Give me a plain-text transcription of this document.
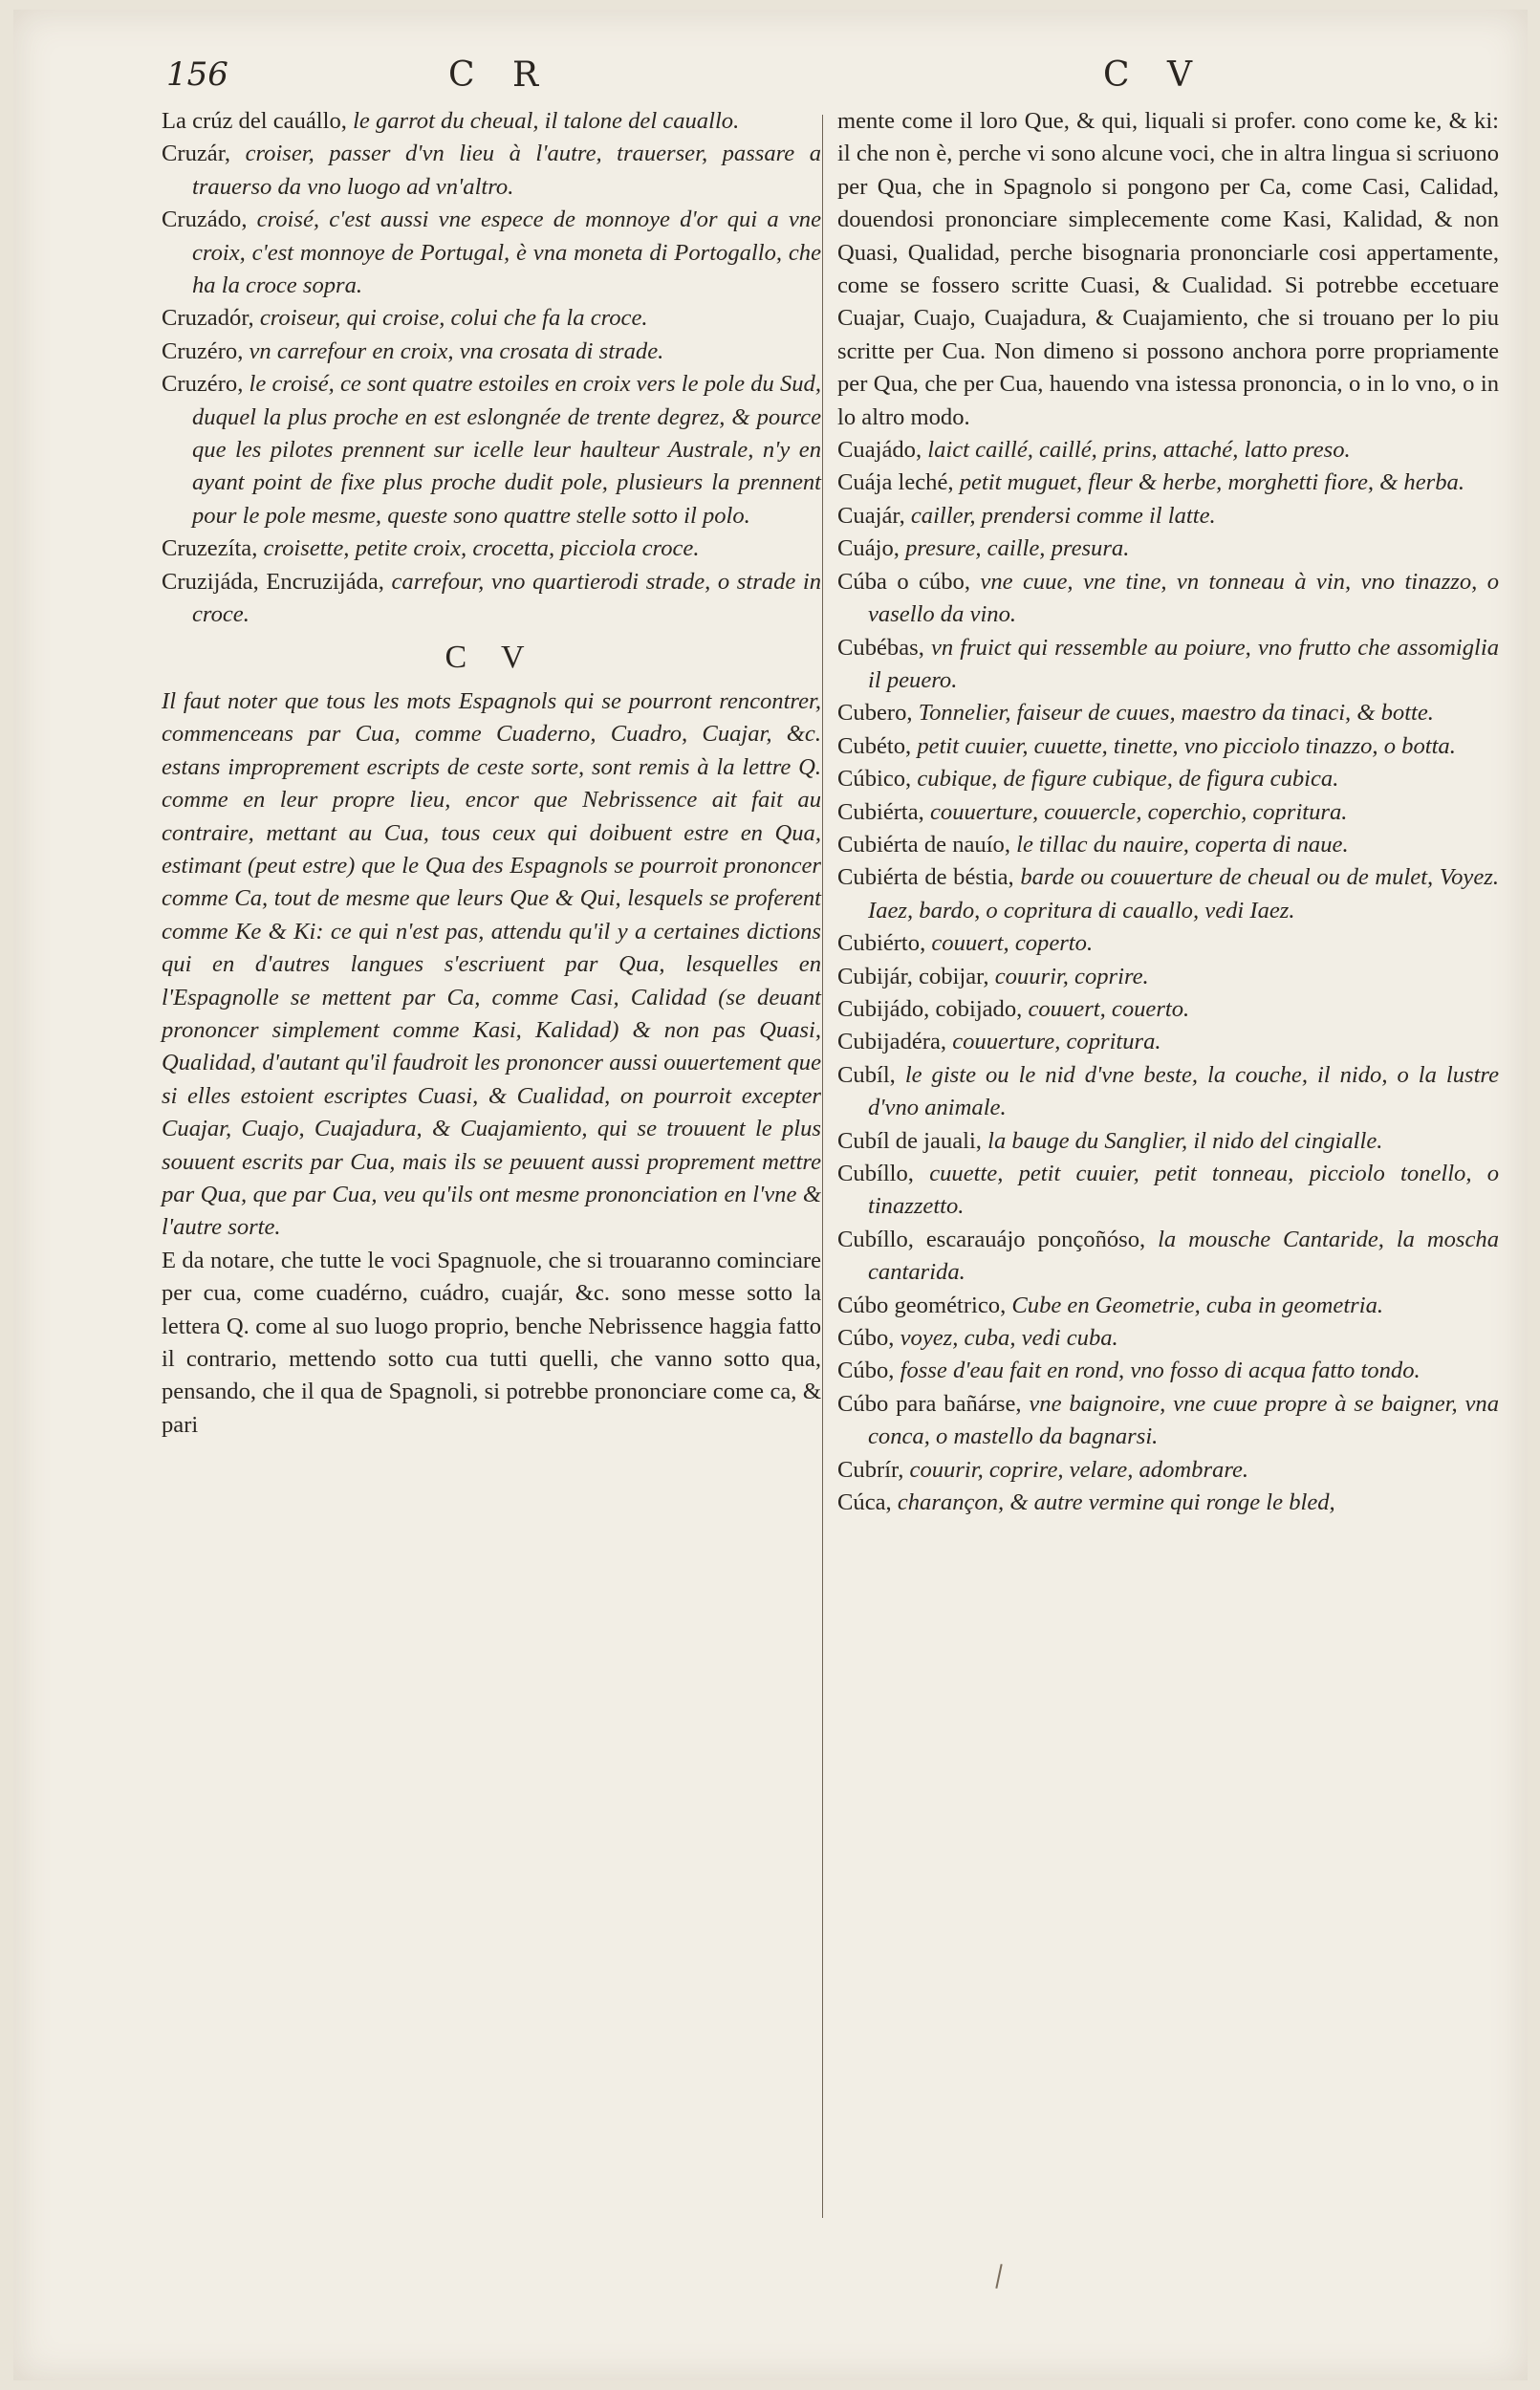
156	C R	C V

La crúz del cauállo, le garrot du cheual, il talone del cauallo.

Cruzár, croiser, passer d'vn lieu à l'autre, trauerser, passare a trauerso da vno luogo ad vn'altro.

Cruzádo, croisé, c'est aussi vne espece de monnoye d'or qui a vne croix, c'est monnoye de Portugal, è vna moneta di Portogallo, che ha la croce sopra.

Cruzadór, croiseur, qui croise, colui che fa la croce.

Cruzéro, vn carrefour en croix, vna crosata di strade.

Cruzéro, le croisé, ce sont quatre estoiles en croix vers le pole du Sud, duquel la plus proche en est eslongnée de trente degrez, & pource que les pilotes prennent sur icelle leur haulteur Australe, n'y en ayant point de fixe plus proche dudit pole, plusieurs la prennent pour le pole mesme, queste sono quattre stelle sotto il polo.

Cruzezíta, croisette, petite croix, crocetta, picciola croce.

Cruzijáda, Encruzijáda, carrefour, vno quartierodi strade, o strade in croce.

C V

Il faut noter que tous les mots Espagnols qui se pourront rencontrer, commenceans par Cua, comme Cuaderno, Cuadro, Cuajar, &c. estans improprement escripts de ceste sorte, sont remis à la lettre Q. comme en leur propre lieu, encor que Nebrissence ait fait au contraire, mettant au Cua, tous ceux qui doibuent estre en Qua, estimant (peut estre) que le Qua des Espagnols se pourroit prononcer comme Ca, tout de mesme que leurs Que & Qui, lesquels se proferent comme Ke & Ki: ce qui n'est pas, attendu qu'il y a certaines dictions qui en d'autres langues s'escriuent par Qua, lesquelles en l'Espagnolle se mettent par Ca, comme Casi, Calidad (se deuant prononcer simplement comme Kasi, Kalidad) & non pas Quasi, Qualidad, d'autant qu'il faudroit les prononcer aussi ouuertement que si elles estoient escriptes Cuasi, & Cualidad, on pourroit excepter Cuajar, Cuajo, Cuajadura, & Cuajamiento, qui se trouuent le plus souuent escrits par Cua, mais ils se peuuent aussi proprement mettre par Qua, que par Cua, veu qu'ils ont mesme prononciation en l'vne & l'autre sorte.

E da notare, che tutte le voci Spagnuole, che si trouaranno cominciare per cua, come cuadérno, cuádro, cuajár, &c. sono messe sotto la lettera Q. come al suo luogo proprio, benche Nebrissence haggia fatto il contrario, mettendo sotto cua tutti quelli, che vanno sotto qua, pensando, che il qua de Spagnoli, si potrebbe prononciare come ca, & pari

mente come il loro Que, & qui, liquali si profer. cono come ke, & ki: il che non è, perche vi sono alcune voci, che in altra lingua si scriuono per Qua, che in Spagnolo si pongono per Ca, come Casi, Calidad, douendosi prononciare simplecemente come Kasi, Kalidad, & non Quasi, Qualidad, perche bisognaria prononciarle cosi appertamente, come se fossero scritte Cuasi, & Cualidad. Si potrebbe eccetuare Cuajar, Cuajo, Cuajadura, & Cuajamiento, che si trouano per lo piu scritte per Cua. Non dimeno si possono anchora porre propriamente per Qua, che per Cua, hauendo vna istessa prononcia, o in lo vno, o in lo altro modo.

Cuajádo, laict caillé, caillé, prins, attaché, latto preso.

Cuája leché, petit muguet, fleur & herbe, morghetti fiore, & herba.

Cuajár, cailler, prendersi comme il latte.

Cuájo, presure, caille, presura.

Cúba o cúbo, vne cuue, vne tine, vn tonneau à vin, vno tinazzo, o vasello da vino.

Cubébas, vn fruict qui ressemble au poiure, vno frutto che assomiglia il peuero.

Cubero, Tonnelier, faiseur de cuues, maestro da tinaci, & botte.

Cubéto, petit cuuier, cuuette, tinette, vno picciolo tinazzo, o botta.

Cúbico, cubique, de figure cubique, de figura cubica.

Cubiérta, couuerture, couuercle, coperchio, copritura.

Cubiérta de nauío, le tillac du nauire, coperta di naue.

Cubiérta de béstia, barde ou couuerture de cheual ou de mulet, Voyez. Iaez, bardo, o copritura di cauallo, vedi Iaez.

Cubiérto, couuert, coperto.

Cubijár, cobijar, couurir, coprire.

Cubijádo, cobijado, couuert, couerto.

Cubijadéra, couuerture, copritura.

Cubíl, le giste ou le nid d'vne beste, la couche, il nido, o la lustre d'vno animale.

Cubíl de jauali, la bauge du Sanglier, il nido del cingialle.

Cubíllo, cuuette, petit cuuier, petit tonneau, picciolo tonello, o tinazzetto.

Cubíllo, escarauájo ponçoñóso, la mousche Cantaride, la moscha cantarida.

Cúbo geométrico, Cube en Geometrie, cuba in geometria.

Cúbo, voyez, cuba, vedi cuba.

Cúbo, fosse d'eau fait en rond, vno fosso di acqua fatto tondo.

Cúbo para bañárse, vne baignoire, vne cuue propre à se baigner, vna conca, o mastello da bagnarsi.

Cubrír, couurir, coprire, velare, adombrare.

Cúca, charançon, & autre vermine qui ronge le bled,
